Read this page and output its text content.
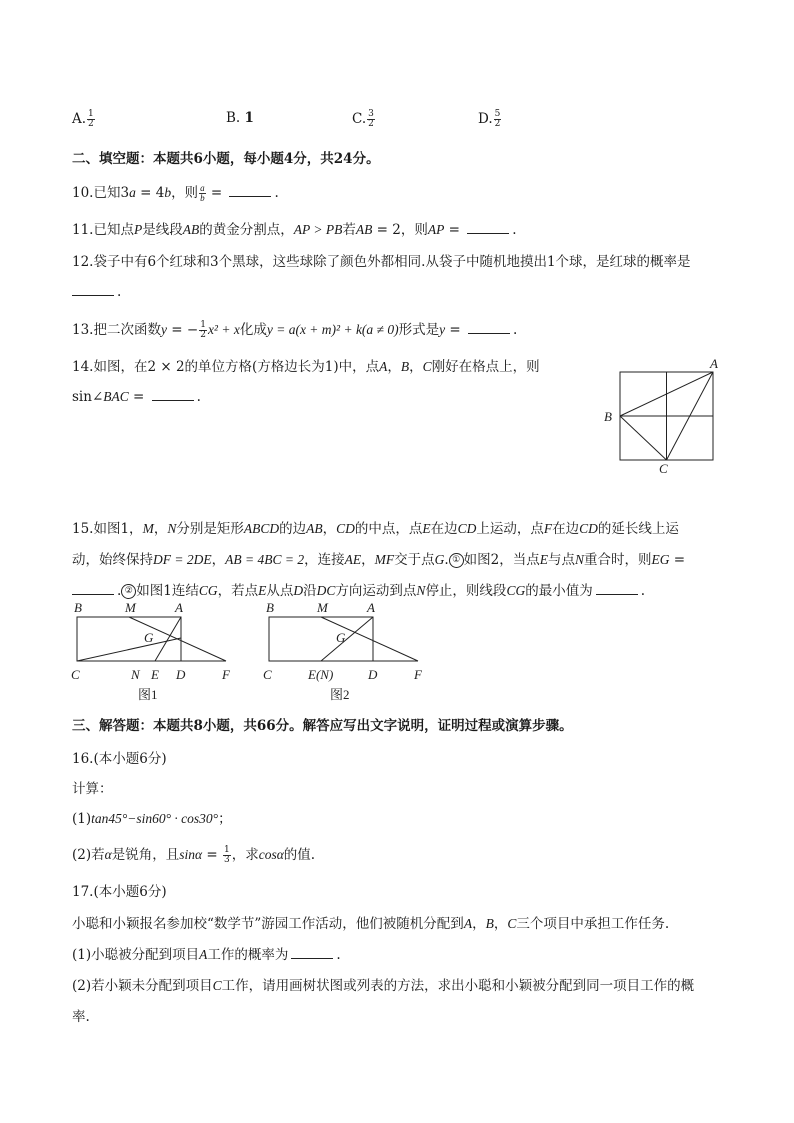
A. $\frac{1}{2}$	B. 1	C. $\frac{3}{2}$	D. $\frac{5}{2}$
二、填空题：本题共6小题，每小题4分，共24分。
10.已知3a = 4b，则 $\frac{a}{b}$ =	.
11.已知点P是线段AB的黄金分割点，AP > PB若AB = 2，则AP =	.
12.袋子中有6个红球和3个黑球，这些球除了颜色外都相同.从袋子中随机地摸出1个球，是红球的概率是
.
13.把二次函数y = − $\frac{1}{2} x^2 + x$化成y = a(x + m)² + k(a ≠ 0)形式是y =	.
14.如图，在2 × 2的单位方格(方格边长为1)中，点A，B，C刚好在格点上，则
sin∠BAC =	.
A
B
C
15.如图1，M，N分别是矩形ABCD的边AB，CD的中点，点E在边CD上运动，点F在边CD的延长线上运
动，始终保持DF = 2DE，AB = 4BC = 2，连接AE，MF交于点G. ① 如图2，当点E与点N重合时，则EG =
. ② 如图1连结CG，若点E从点D沿DC方向运动到点N停止，则线段CG的最小值为	.
B	M	A
G
C	N E D	F
图1
B	M	A
G
C	E(N)	D	F
图2
三、解答题：本题共8小题，共66分。解答应写出文字说明，证明过程或演算步骤。
16.(本小题6分)
计算：
(1)tan45°−sin60° · cos30°；
(2)若α是锐角，且$\sin\alpha = \frac{1}{3}$ ，求cosα的值.
17.(本小题6分)
小聪和小颖报名参加校“数学节”游园工作活动，他们被随机分配到A，B，C三个项目中承担工作任务.
(1)小聪被分配到项目A工作的概率为	.
(2)若小颖未分配到项目C工作，请用画树状图或列表的方法，求出小聪和小颖被分配到同一项目工作的概
率.
